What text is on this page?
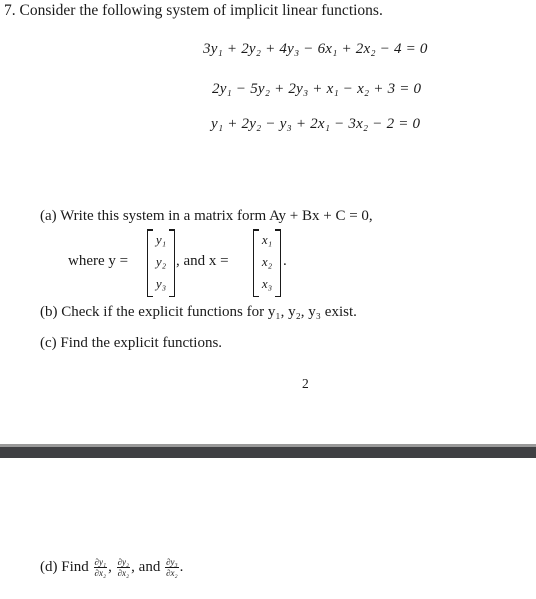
7. Consider the following system of implicit linear functions.
3y₁ + 2y₂ + 4y₃ − 6x₁ + 2x₂ − 4 = 0
2y₁ − 5y₂ + 2y₃ + x₁ − x₂ + 3 = 0
y₁ + 2y₂ − y₃ + 2x₁ − 3x₂ − 2 = 0
(a) Write this system in a matrix form Ay + Bx + C = 0,
where y =
y₁
y₂
y₃
, and x =
x₁
x₂
x₃
.
(b) Check if the explicit functions for y₁, y₂, y₃ exist.
(c) Find the explicit functions.
2
(d) Find $\frac{\text{∂y₁}}{\text{∂x₂}}$ , $\frac{\text{∂y₂}}{\text{∂x₂}}$ , and $\frac{\text{∂y₃}}{\text{∂x₂}}$ .
